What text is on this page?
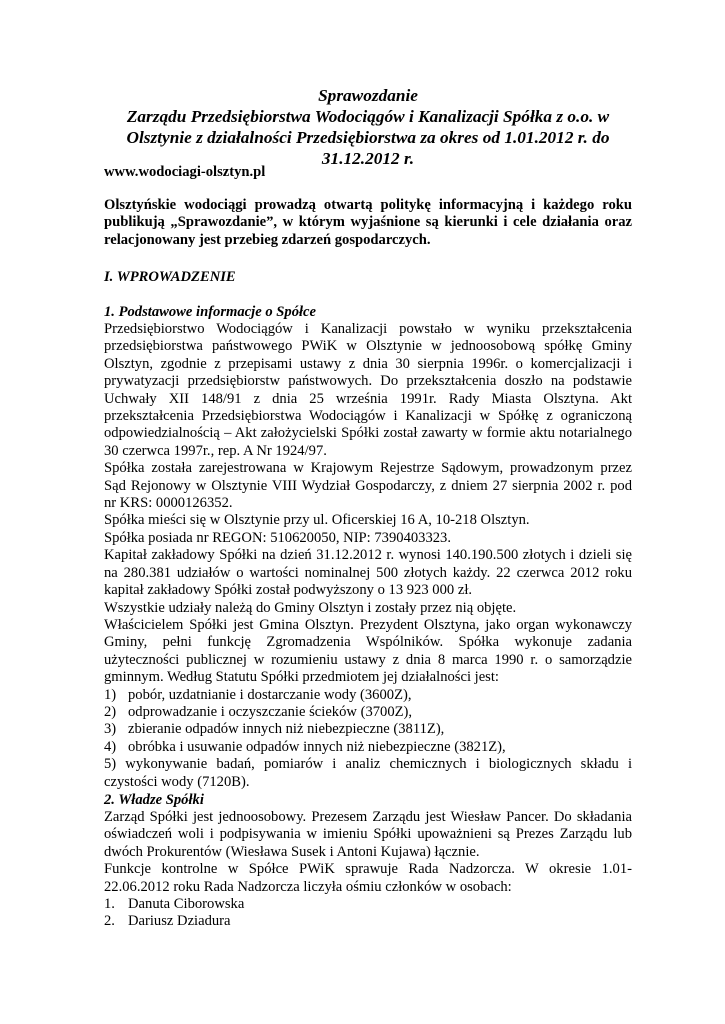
Sprawozdanie
Zarządu Przedsiębiorstwa Wodociągów i Kanalizacji Spółka z o.o. w
Olsztynie z działalności Przedsiębiorstwa za okres od 1.01.2012 r. do
31.12.2012 r.
www.wodociagi-olsztyn.pl
Olsztyńskie wodociągi prowadzą otwartą politykę informacyjną i każdego roku
publikują „Sprawozdanie”, w którym wyjaśnione są kierunki i cele działania oraz
relacjonowany jest przebieg zdarzeń gospodarczych.
I. WPROWADZENIE
1. Podstawowe informacje o Spółce
Przedsiębiorstwo Wodociągów i Kanalizacji powstało w wyniku przekształcenia
przedsiębiorstwa państwowego PWiK w Olsztynie w jednoosobową spółkę Gminy
Olsztyn, zgodnie z przepisami ustawy z dnia 30 sierpnia 1996r. o komercjalizacji i
prywatyzacji przedsiębiorstw państwowych. Do przekształcenia doszło na podstawie
Uchwały XII 148/91 z dnia 25 września 1991r. Rady Miasta Olsztyna. Akt
przekształcenia Przedsiębiorstwa Wodociągów i Kanalizacji w Spółkę z ograniczoną
odpowiedzialnością – Akt założycielski Spółki został zawarty w formie aktu notarialnego
30 czerwca 1997r., rep. A Nr 1924/97.
Spółka została zarejestrowana w Krajowym Rejestrze Sądowym, prowadzonym przez
Sąd Rejonowy w Olsztynie VIII Wydział Gospodarczy, z dniem 27 sierpnia 2002 r. pod
nr KRS: 0000126352.
Spółka mieści się w Olsztynie przy ul. Oficerskiej 16 A, 10-218 Olsztyn.
Spółka posiada nr REGON: 510620050, NIP: 7390403323.
Kapitał zakładowy Spółki na dzień 31.12.2012 r. wynosi 140.190.500 złotych i dzieli się
na 280.381 udziałów o wartości nominalnej 500 złotych każdy. 22 czerwca 2012 roku
kapitał zakładowy Spółki został podwyższony o 13 923 000 zł.
Wszystkie udziały należą do Gminy Olsztyn i zostały przez nią objęte.
Właścicielem Spółki jest Gmina Olsztyn. Prezydent Olsztyna, jako organ wykonawczy
Gminy, pełni funkcję Zgromadzenia Wspólników. Spółka wykonuje zadania
użyteczności publicznej w rozumieniu ustawy z dnia 8 marca 1990 r. o samorządzie
gminnym. Według Statutu Spółki przedmiotem jej działalności jest:
1) pobór, uzdatnianie i dostarczanie wody (3600Z),
2) odprowadzanie i oczyszczanie ścieków (3700Z),
3) zbieranie odpadów innych niż niebezpieczne (3811Z),
4) obróbka i usuwanie odpadów innych niż niebezpieczne (3821Z),
5) wykonywanie badań, pomiarów i analiz chemicznych i biologicznych składu i
czystości wody (7120B).
2. Władze Spółki
Zarząd Spółki jest jednoosobowy. Prezesem Zarządu jest Wiesław Pancer. Do składania
oświadczeń woli i podpisywania w imieniu Spółki upoważnieni są Prezes Zarządu lub
dwóch Prokurentów (Wiesława Susek i Antoni Kujawa) łącznie.
Funkcje kontrolne w Spółce PWiK sprawuje Rada Nadzorcza. W okresie 1.01-
22.06.2012 roku Rada Nadzorcza liczyła ośmiu członków w osobach:
1. Danuta Ciborowska
2. Dariusz Dziadura
